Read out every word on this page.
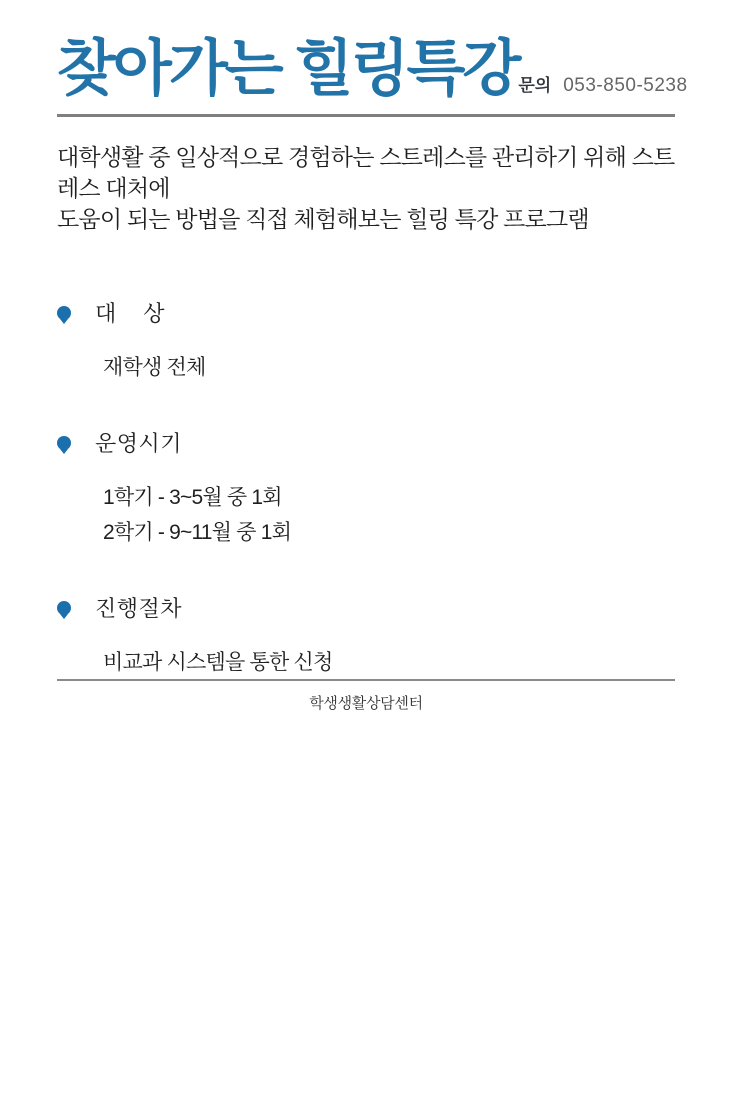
찾아가는 힐링특강 문의 053-850-5238
대학생활 중 일상적으로 경험하는 스트레스를 관리하기 위해 스트레스 대처에
도움이 되는 방법을 직접 체험해보는 힐링 특강 프로그램
대    상
재학생 전체
운영시기
1학기 - 3~5월 중 1회
2학기 - 9~11월 중 1회
진행절차
비교과 시스템을 통한 신청
학생생활상담센터
